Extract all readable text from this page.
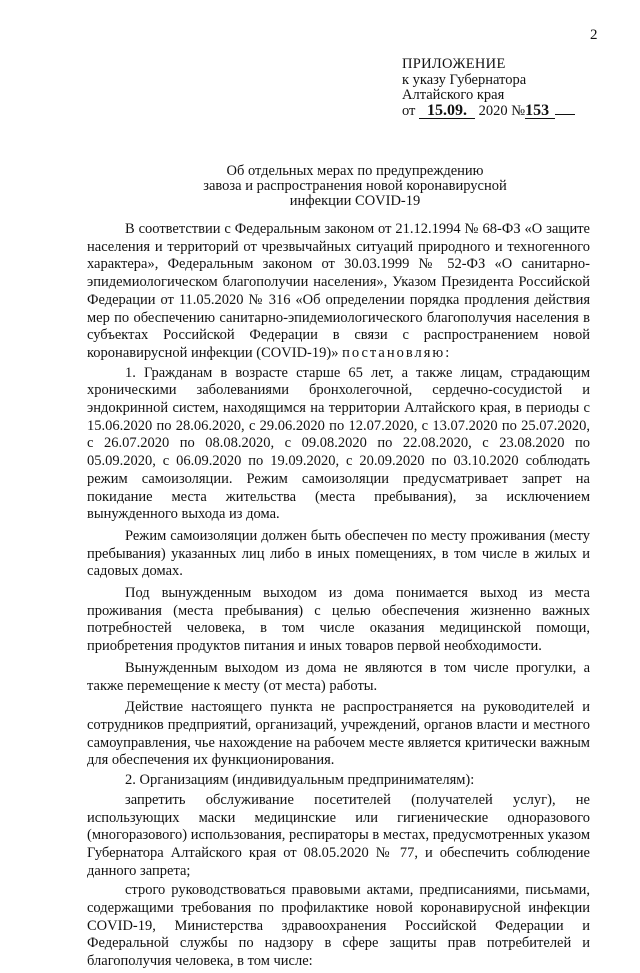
2
ПРИЛОЖЕНИЕ
к указу Губернатора
Алтайского края
от 15.09. 2020 №153
Об отдельных мерах по предупреждению
завоза и распространения новой коронавирусной
инфекции COVID-19

В соответствии с Федеральным законом от 21.12.1994 № 68-ФЗ «О защите населения и территорий от чрезвычайных ситуаций природного и техногенного характера», Федеральным законом от 30.03.1999 № 52-ФЗ «О санитарно-эпидемиологическом благополучии населения», Указом Президента Российской Федерации от 11.05.2020 № 316 «Об определении порядка продления действия мер по обеспечению санитарно-эпидемиологического благополучия населения в субъектах Российской Федерации в связи с распространением новой коронавирусной инфекции (COVID-19)» постановляю:

1. Гражданам в возрасте старше 65 лет, а также лицам, страдающим хроническими заболеваниями бронхолегочной, сердечно-сосудистой и эндокринной систем, находящимся на территории Алтайского края, в периоды с 15.06.2020 по 28.06.2020, с 29.06.2020 по 12.07.2020, с 13.07.2020 по 25.07.2020, с 26.07.2020 по 08.08.2020, с 09.08.2020 по 22.08.2020, с 23.08.2020 по 05.09.2020, с 06.09.2020 по 19.09.2020, с 20.09.2020 по 03.10.2020 соблюдать режим самоизоляции. Режим самоизоляции предусматривает запрет на покидание места жительства (места пребывания), за исключением вынужденного выхода из дома.

Режим самоизоляции должен быть обеспечен по месту проживания (месту пребывания) указанных лиц либо в иных помещениях, в том числе в жилых и садовых домах.

Под вынужденным выходом из дома понимается выход из места проживания (места пребывания) с целью обеспечения жизненно важных потребностей человека, в том числе оказания медицинской помощи, приобретения продуктов питания и иных товаров первой необходимости.

Вынужденным выходом из дома не являются в том числе прогулки, а также перемещение к месту (от места) работы.

Действие настоящего пункта не распространяется на руководителей и сотрудников предприятий, организаций, учреждений, органов власти и местного самоуправления, чье нахождение на рабочем месте является критически важным для обеспечения их функционирования.

2. Организациям (индивидуальным предпринимателям):

запретить обслуживание посетителей (получателей услуг), не использующих маски медицинские или гигиенические одноразового (многоразового) использования, респираторы в местах, предусмотренных указом Губернатора Алтайского края от 08.05.2020 № 77, и обеспечить соблюдение данного запрета;

строго руководствоваться правовыми актами, предписаниями, письмами, содержащими требования по профилактике новой коронавирусной инфекции COVID-19, Министерства здравоохранения Российской Федерации и Федеральной службы по надзору в сфере защиты прав потребителей и благополучия человека, в том числе:
